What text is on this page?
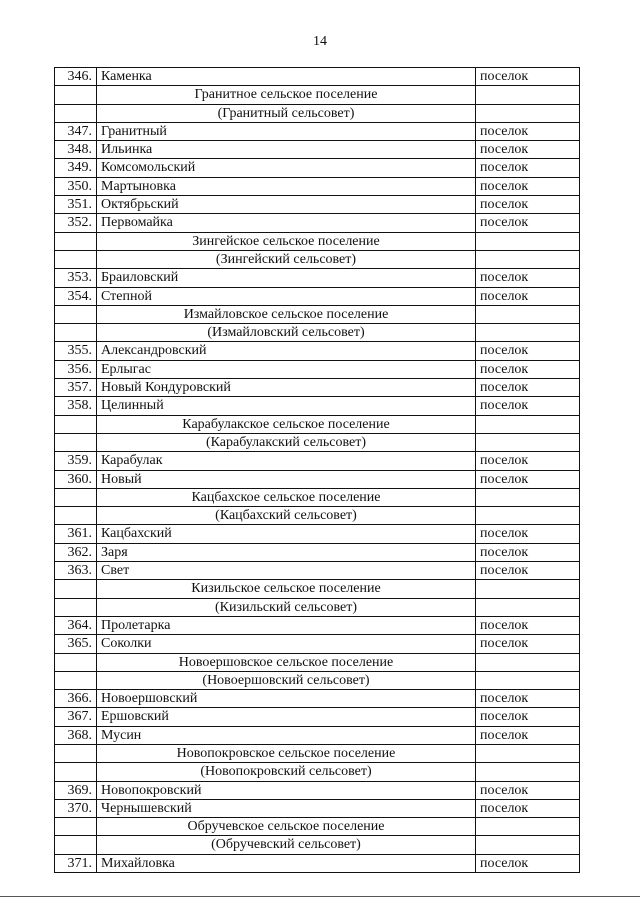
14
346.	Каменка	поселок
	Гранитное сельское поселение	
	(Гранитный сельсовет)	
347.	Гранитный	поселок
348.	Ильинка	поселок
349.	Комсомольский	поселок
350.	Мартыновка	поселок
351.	Октябрьский	поселок
352.	Первомайка	поселок
	Зингейское сельское поселение	
	(Зингейский сельсовет)	
353.	Браиловский	поселок
354.	Степной	поселок
	Измайловское сельское поселение	
	(Измайловский сельсовет)	
355.	Александровский	поселок
356.	Ерлыгас	поселок
357.	Новый Кондуровский	поселок
358.	Целинный	поселок
	Карабулакское сельское поселение	
	(Карабулакский сельсовет)	
359.	Карабулак	поселок
360.	Новый	поселок
	Кацбахское сельское поселение	
	(Кацбахский сельсовет)	
361.	Кацбахский	поселок
362.	Заря	поселок
363.	Свет	поселок
	Кизильское сельское поселение	
	(Кизильский сельсовет)	
364.	Пролетарка	поселок
365.	Соколки	поселок
	Новоершовское сельское поселение	
	(Новоершовский сельсовет)	
366.	Новоершовский	поселок
367.	Ершовский	поселок
368.	Мусин	поселок
	Новопокровское сельское поселение	
	(Новопокровский сельсовет)	
369.	Новопокровский	поселок
370.	Чернышевский	поселок
	Обручевское сельское поселение	
	(Обручевский сельсовет)	
371.	Михайловка	поселок
